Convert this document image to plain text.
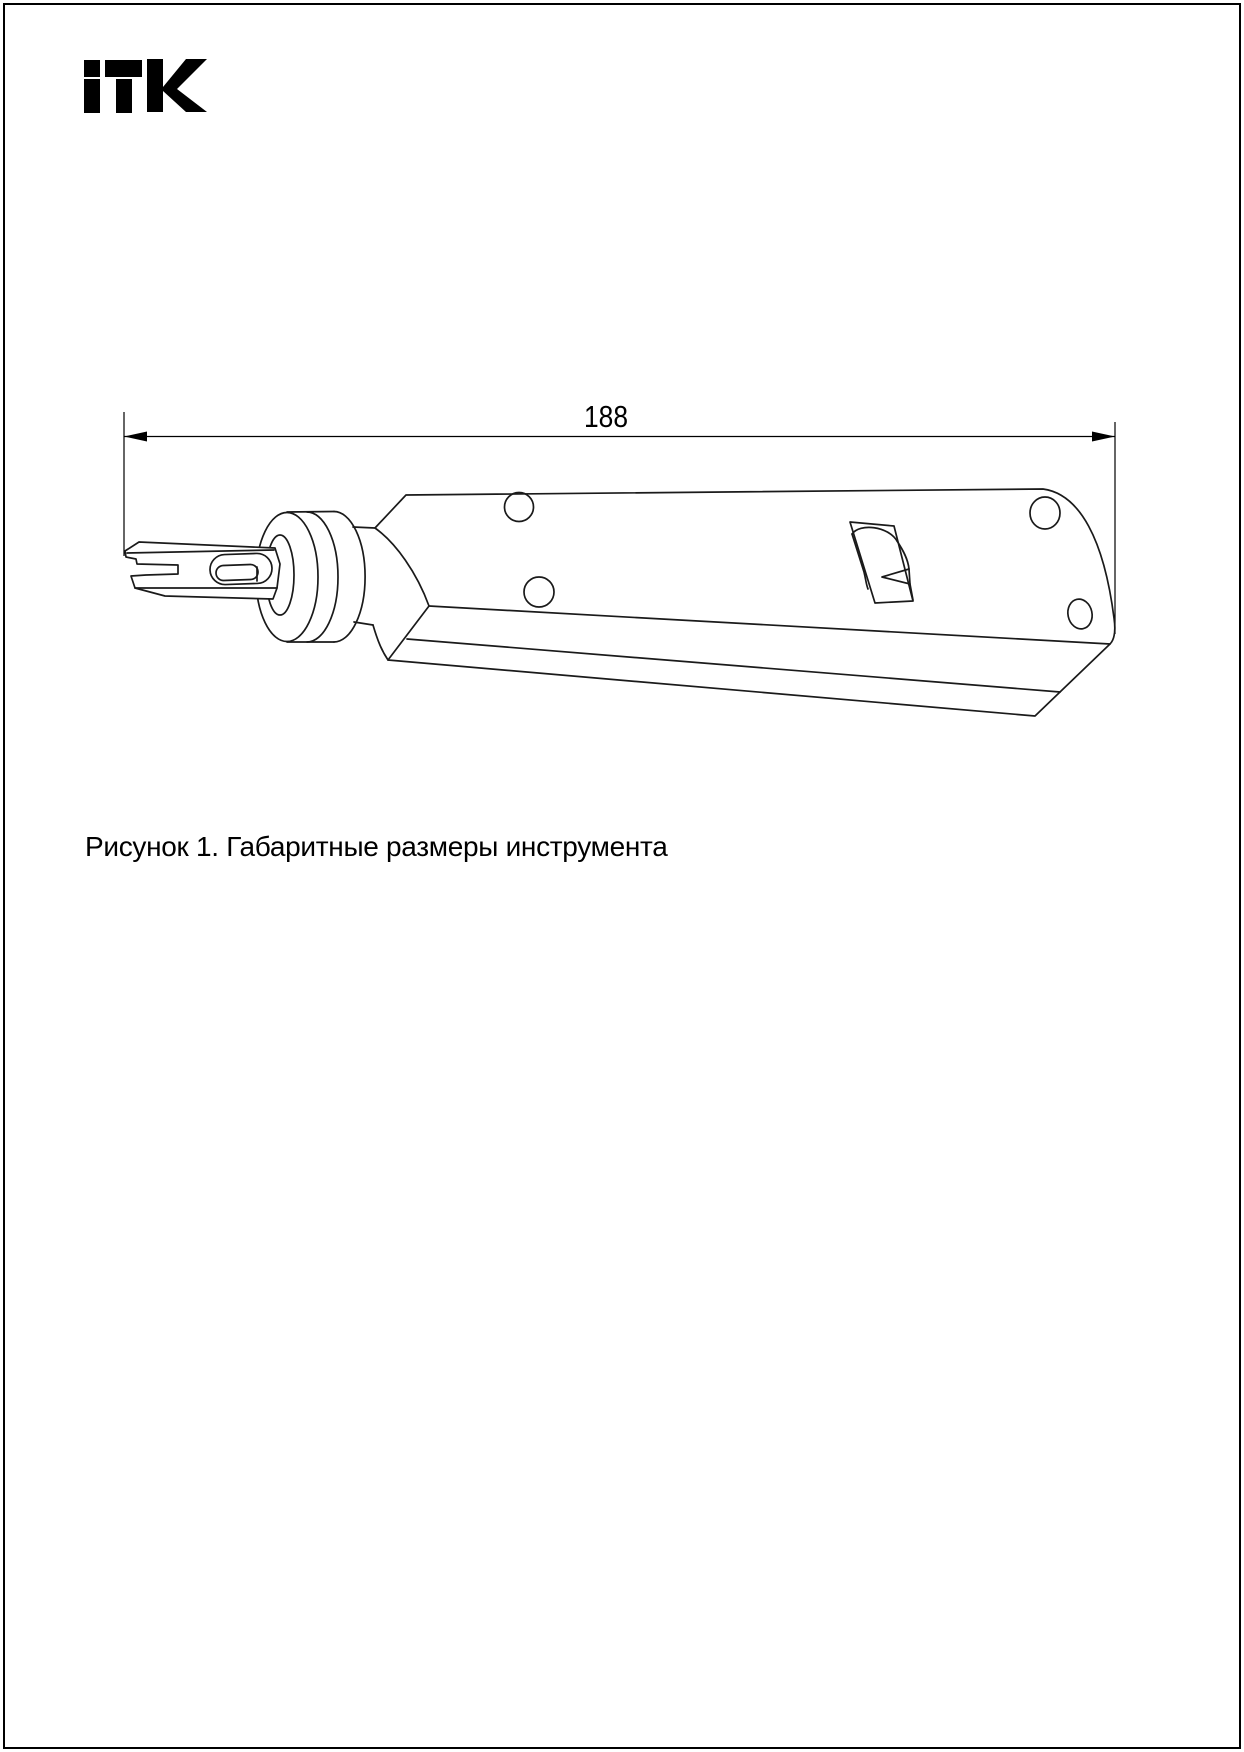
188
Рисунок 1. Габаритные размеры инструмента
